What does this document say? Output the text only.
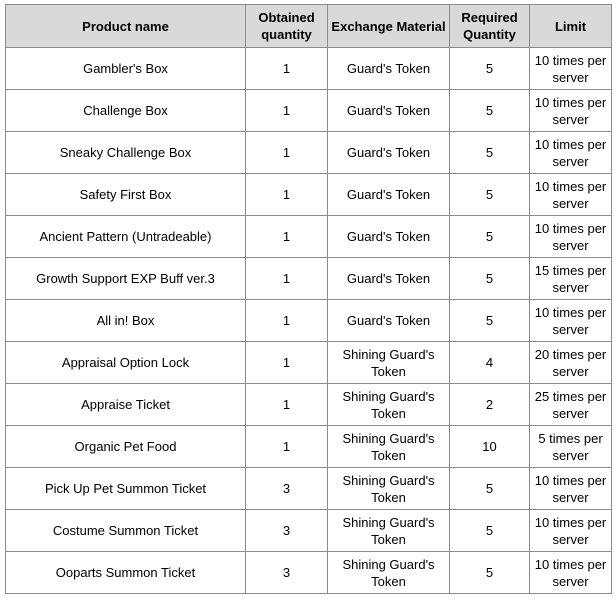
Product name	Obtained quantity	Exchange Material	Required Quantity	Limit
Gambler's Box	1	Guard's Token	5	10 times per server
Challenge Box	1	Guard's Token	5	10 times per server
Sneaky Challenge Box	1	Guard's Token	5	10 times per server
Safety First Box	1	Guard's Token	5	10 times per server
Ancient Pattern (Untradeable)	1	Guard's Token	5	10 times per server
Growth Support EXP Buff ver.3	1	Guard's Token	5	15 times per server
All in! Box	1	Guard's Token	5	10 times per server
Appraisal Option Lock	1	Shining Guard's Token	4	20 times per server
Appraise Ticket	1	Shining Guard's Token	2	25 times per server
Organic Pet Food	1	Shining Guard's Token	10	5 times per server
Pick Up Pet Summon Ticket	3	Shining Guard's Token	5	10 times per server
Costume Summon Ticket	3	Shining Guard's Token	5	10 times per server
Ooparts Summon Ticket	3	Shining Guard's Token	5	10 times per server
